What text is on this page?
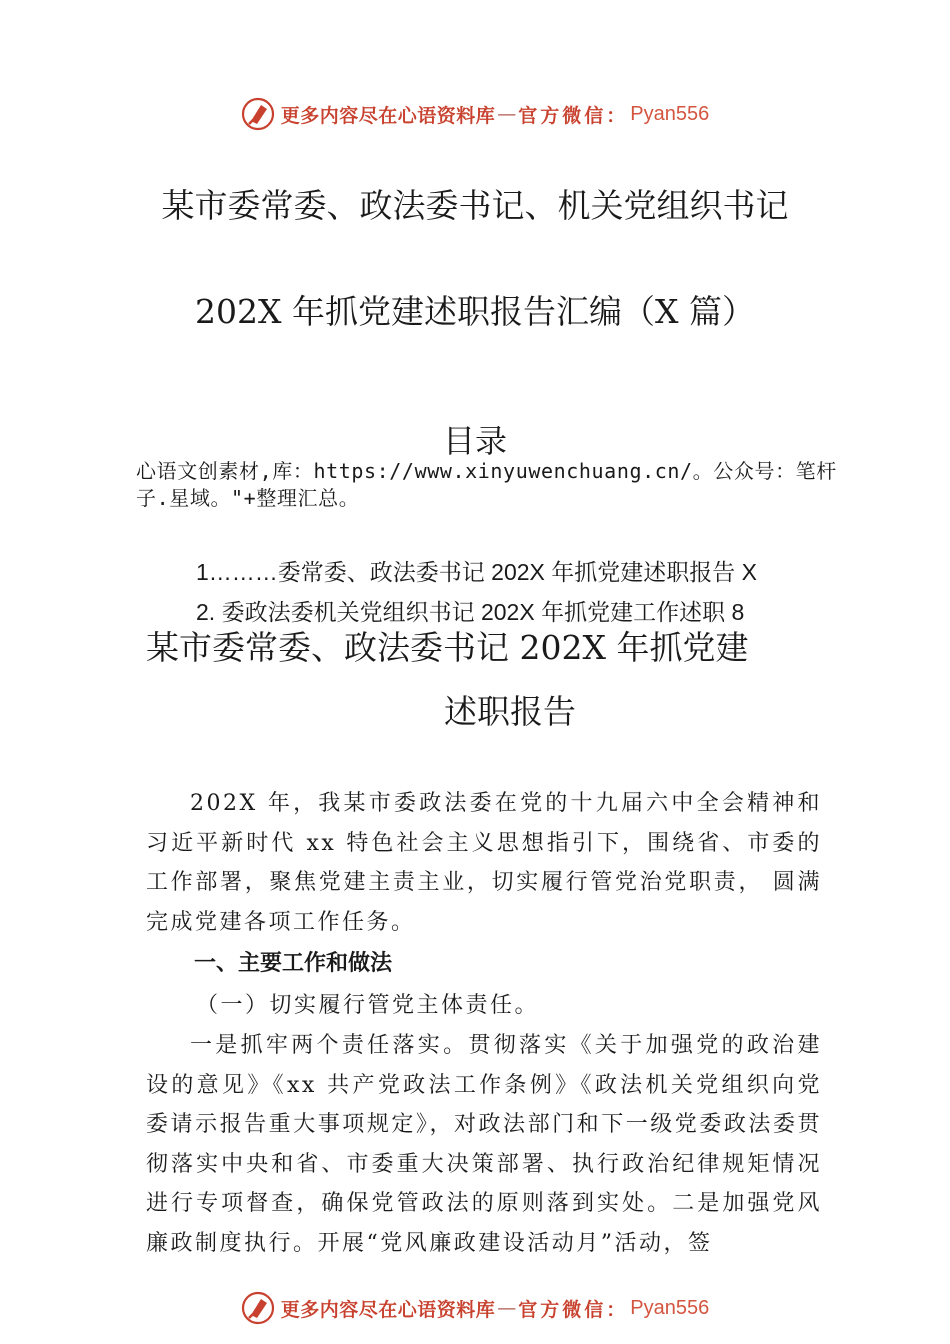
更多内容尽在心语资料库 — 官方微信： Pyan556
某市委常委、政法委书记、机关党组织书记
202X 年抓党建述职报告汇编（X 篇）
目录
心语文创素材,库：https://www.xinyuwenchuang.cn/。公众号：笔杆子.星域。"+整理汇总。
1………委常委、政法委书记 202X 年抓党建述职报告 X
2. 委政法委机关党组织书记 202X 年抓党建工作述职 8
某市委常委、政法委书记 202X 年抓党建
述职报告
202X 年，我某市委政法委在党的十九届六中全会精神和习近平新时代 xx 特色社会主义思想指引下，围绕省、市委的工作部署，聚焦党建主责主业，切实履行管党治党职责， 圆满完成党建各项工作任务。
一、主要工作和做法
（一）切实履行管党主体责任。
一是抓牢两个责任落实。贯彻落实《关于加强党的政治建设的意见》《xx 共产党政法工作条例》《政法机关党组织向党委请示报告重大事项规定》，对政法部门和下一级党委政法委贯彻落实中央和省、市委重大决策部署、执行政治纪律规矩情况进行专项督查，确保党管政法的原则落到实处。二是加强党风廉政制度执行。开展“党风廉政建设活动月”活动，签
更多内容尽在心语资料库 — 官方微信： Pyan556
